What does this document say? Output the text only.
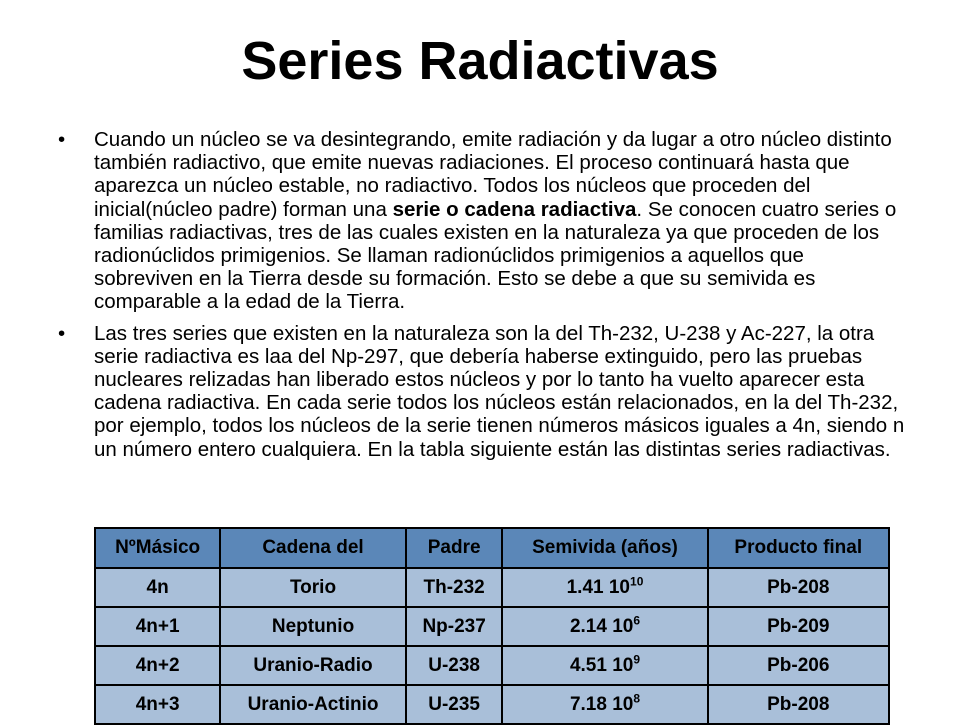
Series Radiactivas
• Cuando un núcleo se va desintegrando, emite radiación y da lugar a otro núcleo distinto también radiactivo, que emite nuevas radiaciones. El proceso continuará hasta que aparezca un núcleo estable, no radiactivo. Todos los núcleos que proceden del inicial(núcleo padre) forman una serie o cadena radiactiva. Se conocen cuatro series o familias radiactivas, tres de las cuales existen en la naturaleza ya que proceden de los radionúclidos primigenios. Se llaman radionúclidos primigenios a aquellos que sobreviven en la Tierra desde su formación. Esto se debe a que su semivida es comparable a la edad de la Tierra.
• Las tres series que existen en la naturaleza son la del Th-232, U-238 y Ac-227, la otra serie radiactiva es laa del Np-297, que debería haberse extinguido, pero las pruebas nucleares relizadas han liberado estos núcleos y por lo tanto ha vuelto aparecer esta cadena radiactiva. En cada serie todos los núcleos están relacionados, en la del Th-232, por ejemplo, todos los núcleos de la serie tienen números másicos iguales a 4n, siendo n un número entero cualquiera. En la tabla siguiente están las distintas series radiactivas.
NºMásico	Cadena del	Padre	Semivida (años)	Producto final
4n	Torio	Th-232	1.41 $10^{10}$	Pb-208
4n+1	Neptunio	Np-237	2.14 $10^6$	Pb-209
4n+2	Uranio-Radio	U-238	4.51 $10^9$	Pb-206
4n+3	Uranio-Actinio	U-235	7.18 $10^8$	Pb-208
